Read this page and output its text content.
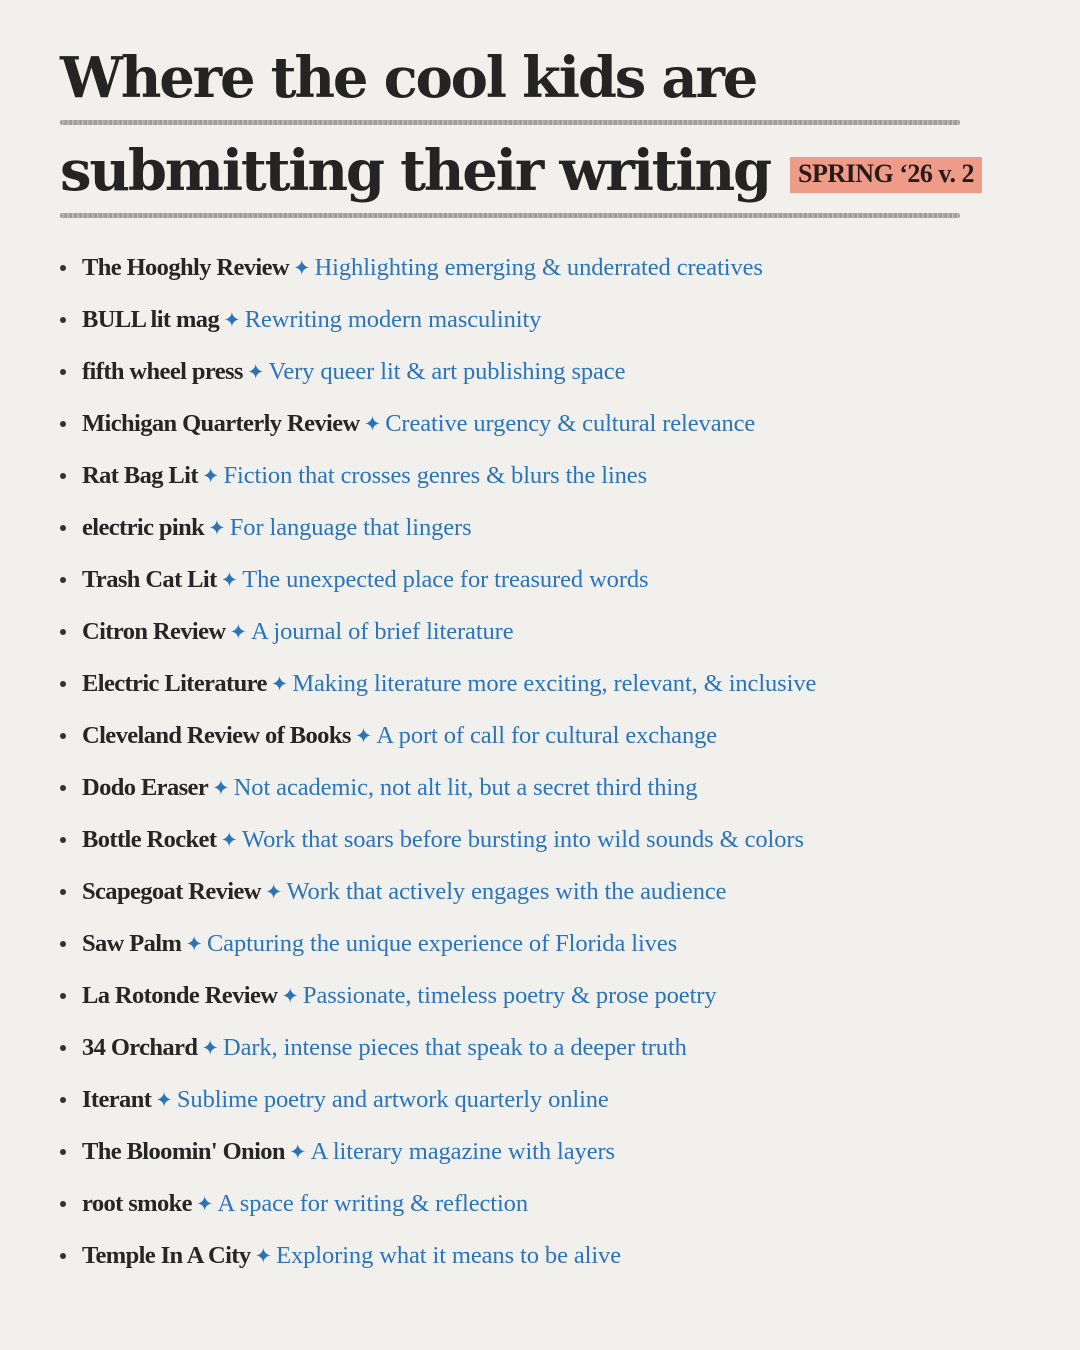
Where the cool kids are
submitting their writing	SPRING ‘26 v. 2
The Hooghly Review ✦ Highlighting emerging & underrated creatives
BULL lit mag ✦ Rewriting modern masculinity
fifth wheel press ✦ Very queer lit & art publishing space
Michigan Quarterly Review ✦ Creative urgency & cultural relevance
Rat Bag Lit ✦ Fiction that crosses genres & blurs the lines
electric pink ✦ For language that lingers
Trash Cat Lit ✦ The unexpected place for treasured words
Citron Review ✦ A journal of brief literature
Electric Literature ✦ Making literature more exciting, relevant, & inclusive
Cleveland Review of Books ✦ A port of call for cultural exchange
Dodo Eraser ✦ Not academic, not alt lit, but a secret third thing
Bottle Rocket ✦ Work that soars before bursting into wild sounds & colors
Scapegoat Review ✦ Work that actively engages with the audience
Saw Palm ✦ Capturing the unique experience of Florida lives
La Rotonde Review ✦ Passionate, timeless poetry & prose poetry
34 Orchard ✦ Dark, intense pieces that speak to a deeper truth
Iterant ✦ Sublime poetry and artwork quarterly online
The Bloomin' Onion ✦ A literary magazine with layers
root smoke ✦ A space for writing & reflection
Temple In A City ✦ Exploring what it means to be alive
